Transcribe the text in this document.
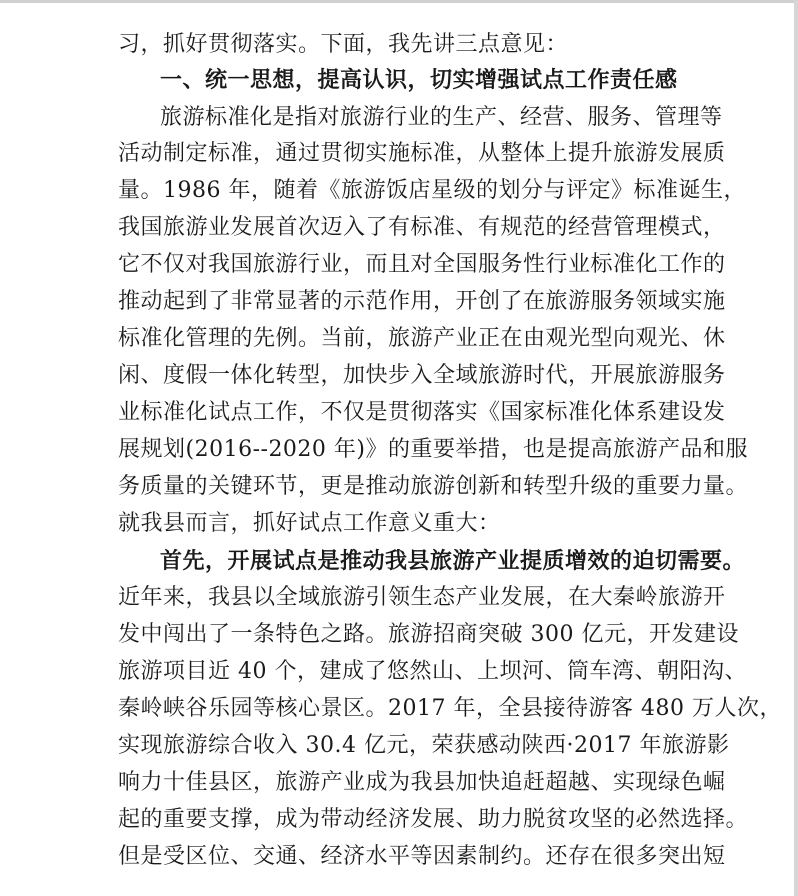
习，抓好贯彻落实。下面，我先讲三点意见：
一、统一思想，提高认识，切实增强试点工作责任感
旅游标准化是指对旅游行业的生产、经营、服务、管理等
活动制定标准，通过贯彻实施标准，从整体上提升旅游发展质
量。1986 年，随着《旅游饭店星级的划分与评定》标准诞生，
我国旅游业发展首次迈入了有标准、有规范的经营管理模式，
它不仅对我国旅游行业，而且对全国服务性行业标准化工作的
推动起到了非常显著的示范作用，开创了在旅游服务领域实施
标准化管理的先例。当前，旅游产业正在由观光型向观光、休
闲、度假一体化转型，加快步入全域旅游时代，开展旅游服务
业标准化试点工作，不仅是贯彻落实《国家标准化体系建设发
展规划(2016--2020 年)》的重要举措，也是提高旅游产品和服
务质量的关键环节，更是推动旅游创新和转型升级的重要力量。
就我县而言，抓好试点工作意义重大：
首先，开展试点是推动我县旅游产业提质增效的迫切需要。
近年来，我县以全域旅游引领生态产业发展，在大秦岭旅游开
发中闯出了一条特色之路。旅游招商突破 300 亿元，开发建设
旅游项目近 40 个，建成了悠然山、上坝河、筒车湾、朝阳沟、
秦岭峡谷乐园等核心景区。2017 年，全县接待游客 480 万人次，
实现旅游综合收入 30.4 亿元，荣获感动陕西·2017 年旅游影
响力十佳县区，旅游产业成为我县加快追赶超越、实现绿色崛
起的重要支撑，成为带动经济发展、助力脱贫攻坚的必然选择。
但是受区位、交通、经济水平等因素制约。还存在很多突出短
